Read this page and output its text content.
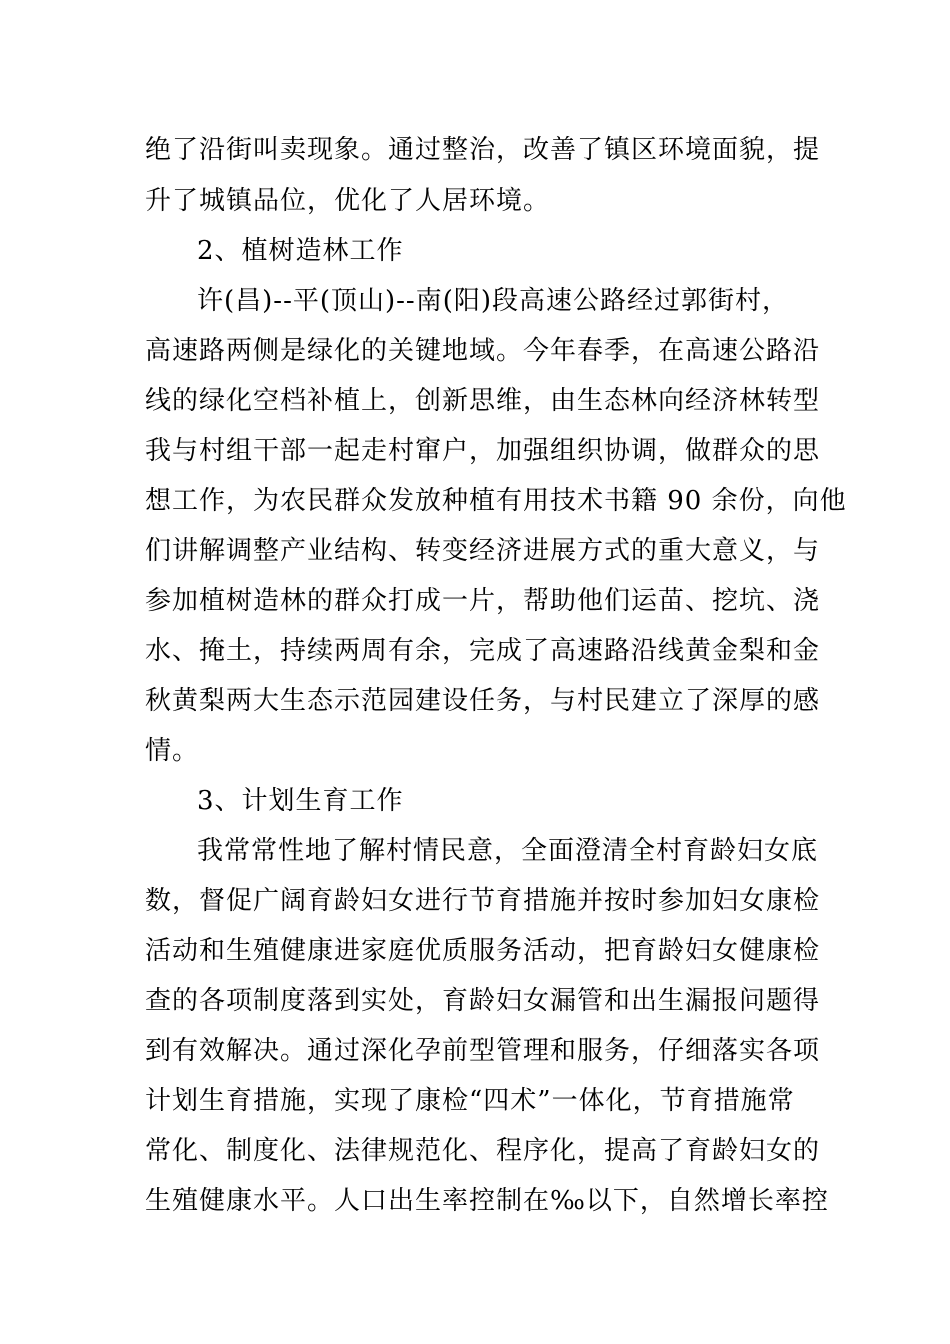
绝了沿街叫卖现象。通过整治，改善了镇区环境面貌，提
升了城镇品位，优化了人居环境。
2、植树造林工作
许(昌)--平(顶山)--南(阳)段高速公路经过郭街村，
高速路两侧是绿化的关键地域。今年春季，在高速公路沿
线的绿化空档补植上，创新思维，由生态林向经济林转型
我与村组干部一起走村窜户，加强组织协调，做群众的思
想工作，为农民群众发放种植有用技术书籍 90 余份，向他
们讲解调整产业结构、转变经济进展方式的重大意义，与
参加植树造林的群众打成一片，帮助他们运苗、挖坑、浇
水、掩土，持续两周有余，完成了高速路沿线黄金梨和金
秋黄梨两大生态示范园建设任务，与村民建立了深厚的感
情。
3、计划生育工作
我常常性地了解村情民意，全面澄清全村育龄妇女底
数，督促广阔育龄妇女进行节育措施并按时参加妇女康检
活动和生殖健康进家庭优质服务活动，把育龄妇女健康检
查的各项制度落到实处，育龄妇女漏管和出生漏报问题得
到有效解决。通过深化孕前型管理和服务，仔细落实各项
计划生育措施，实现了康检“四术”一体化，节育措施常
常化、制度化、法律规范化、程序化，提高了育龄妇女的
生殖健康水平。人口出生率控制在‰以下，自然增长率控
